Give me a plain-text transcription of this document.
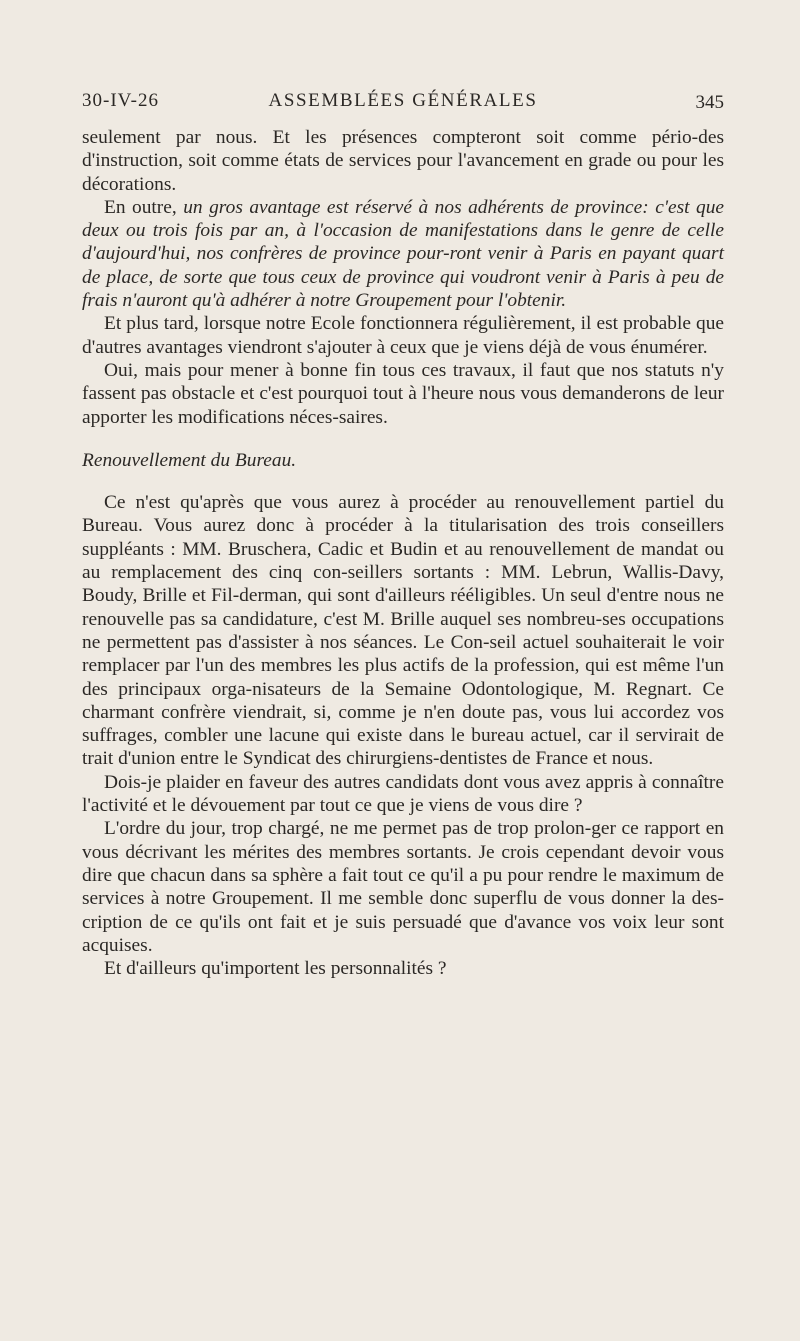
30-IV-26	ASSEMBLÉES GÉNÉRALES	345

seulement par nous. Et les présences compteront soit comme pério-des d'instruction, soit comme états de services pour l'avancement en grade ou pour les décorations.

En outre, un gros avantage est réservé à nos adhérents de province: c'est que deux ou trois fois par an, à l'occasion de manifestations dans le genre de celle d'aujourd'hui, nos confrères de province pour-ront venir à Paris en payant quart de place, de sorte que tous ceux de province qui voudront venir à Paris à peu de frais n'auront qu'à adhérer à notre Groupement pour l'obtenir.

Et plus tard, lorsque notre Ecole fonctionnera régulièrement, il est probable que d'autres avantages viendront s'ajouter à ceux que je viens déjà de vous énumérer.

Oui, mais pour mener à bonne fin tous ces travaux, il faut que nos statuts n'y fassent pas obstacle et c'est pourquoi tout à l'heure nous vous demanderons de leur apporter les modifications néces-saires.

Renouvellement du Bureau.

Ce n'est qu'après que vous aurez à procéder au renouvellement partiel du Bureau. Vous aurez donc à procéder à la titularisation des trois conseillers suppléants : MM. Bruschera, Cadic et Budin et au renouvellement de mandat ou au remplacement des cinq con-seillers sortants : MM. Lebrun, Wallis-Davy, Boudy, Brille et Fil-derman, qui sont d'ailleurs rééligibles. Un seul d'entre nous ne renouvelle pas sa candidature, c'est M. Brille auquel ses nombreu-ses occupations ne permettent pas d'assister à nos séances. Le Con-seil actuel souhaiterait le voir remplacer par l'un des membres les plus actifs de la profession, qui est même l'un des principaux orga-nisateurs de la Semaine Odontologique, M. Regnart. Ce charmant confrère viendrait, si, comme je n'en doute pas, vous lui accordez vos suffrages, combler une lacune qui existe dans le bureau actuel, car il servirait de trait d'union entre le Syndicat des chirurgiens-dentistes de France et nous.

Dois-je plaider en faveur des autres candidats dont vous avez appris à connaître l'activité et le dévouement par tout ce que je viens de vous dire ?

L'ordre du jour, trop chargé, ne me permet pas de trop prolon-ger ce rapport en vous décrivant les mérites des membres sortants. Je crois cependant devoir vous dire que chacun dans sa sphère a fait tout ce qu'il a pu pour rendre le maximum de services à notre Groupement. Il me semble donc superflu de vous donner la des-cription de ce qu'ils ont fait et je suis persuadé que d'avance vos voix leur sont acquises.

Et d'ailleurs qu'importent les personnalités ?
